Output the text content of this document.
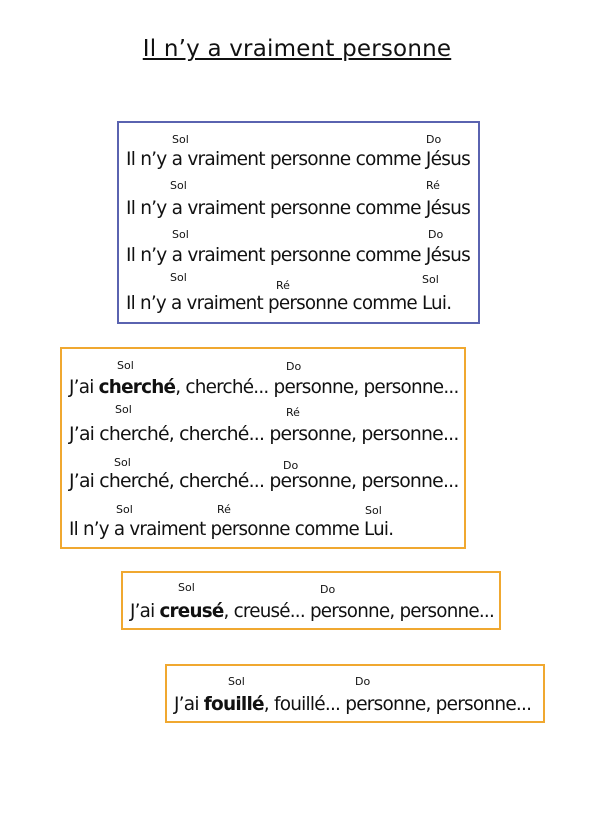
Il n’y a vraiment personne
Sol	Do
Il n’y a vraiment personne comme Jésus
Sol	Ré
Il n’y a vraiment personne comme Jésus
Sol	Do
Il n’y a vraiment personne comme Jésus
Sol
Ré	Sol
Il n’y a vraiment personne comme Lui.
Sol	Do
J’ai cherché, cherché... personne, personne...
Sol	Ré
J’ai cherché, cherché... personne, personne...
Sol	Do
J’ai cherché, cherché... personne, personne...
Sol	Ré	Sol
Il n’y a vraiment personne comme Lui.
Sol	Do
J’ai creusé, creusé... personne, personne...
Sol	Do
J’ai fouillé, fouillé... personne, personne...
